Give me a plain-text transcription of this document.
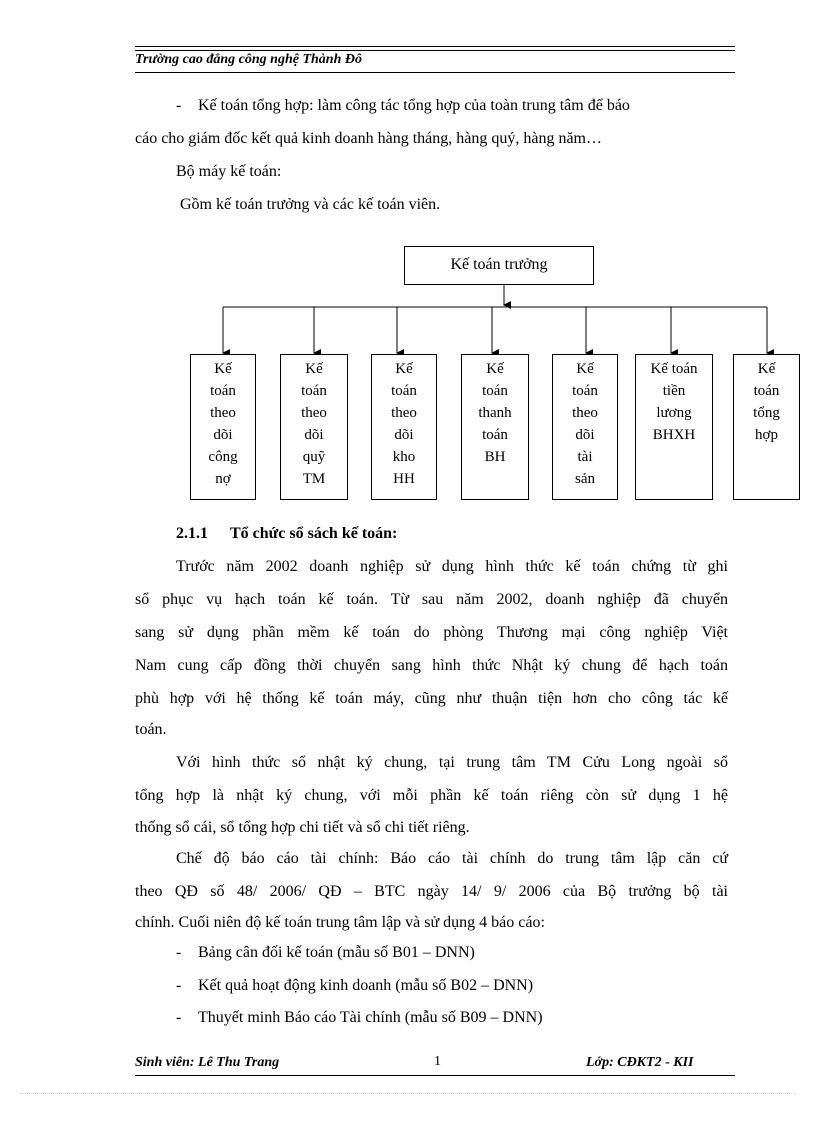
Trường cao đẳng công nghệ Thành Đô
- Kế toán tổng hợp: làm công tác tổng hợp của toàn trung tâm để báo
cáo cho giám đốc kết quả kinh doanh hàng tháng, hàng quý, hàng năm…
Bộ máy kế toán:
Gồm kế toán trưởng và các kế toán viên.
Kế toán trưởng
Kế
toán
theo
dõi
công
nợ
Kế
toán
theo
dõi
quỹ
TM
Kế
toán
theo
dõi
kho
HH
Kế
toán
thanh
toán
BH
Kế
toán
theo
dõi
tài
sản
Kế toán
tiền
lương
BHXH
Kế
toán
tổng
hợp
2.1.1 Tổ chức sổ sách kế toán:
Trước năm 2002 doanh nghiệp sử dụng hình thức kế toán chứng từ ghi
sổ phục vụ hạch toán kế toán. Từ sau năm 2002, doanh nghiệp đã chuyển
sang sử dụng phần mềm kế toán do phòng Thương mại công nghiệp Việt
Nam cung cấp đồng thời chuyển sang hình thức Nhật ký chung để hạch toán
phù hợp với hệ thống kế toán máy, cũng như thuận tiện hơn cho công tác kế
toán.
Với hình thức sổ nhật ký chung, tại trung tâm TM Cửu Long ngoài sổ
tổng hợp là nhật ký chung, với mỗi phần kế toán riêng còn sử dụng 1 hệ
thống sổ cái, sổ tổng hợp chi tiết và sổ chi tiết riêng.
Chế độ báo cáo tài chính: Báo cáo tài chính do trung tâm lập căn cứ
theo QĐ số 48/ 2006/ QĐ – BTC ngày 14/ 9/ 2006 của Bộ trưởng bộ tài
chính. Cuối niên độ kế toán trung tâm lập và sử dụng 4 báo cáo:
- Bảng cân đối kế toán (mẫu số B01 – DNN)
- Kết quả hoạt động kinh doanh (mẫu số B02 – DNN)
- Thuyết minh Báo cáo Tài chính (mẫu số B09 – DNN)
Sinh viên: Lê Thu Trang	1	Lớp: CĐKT2 - KII
